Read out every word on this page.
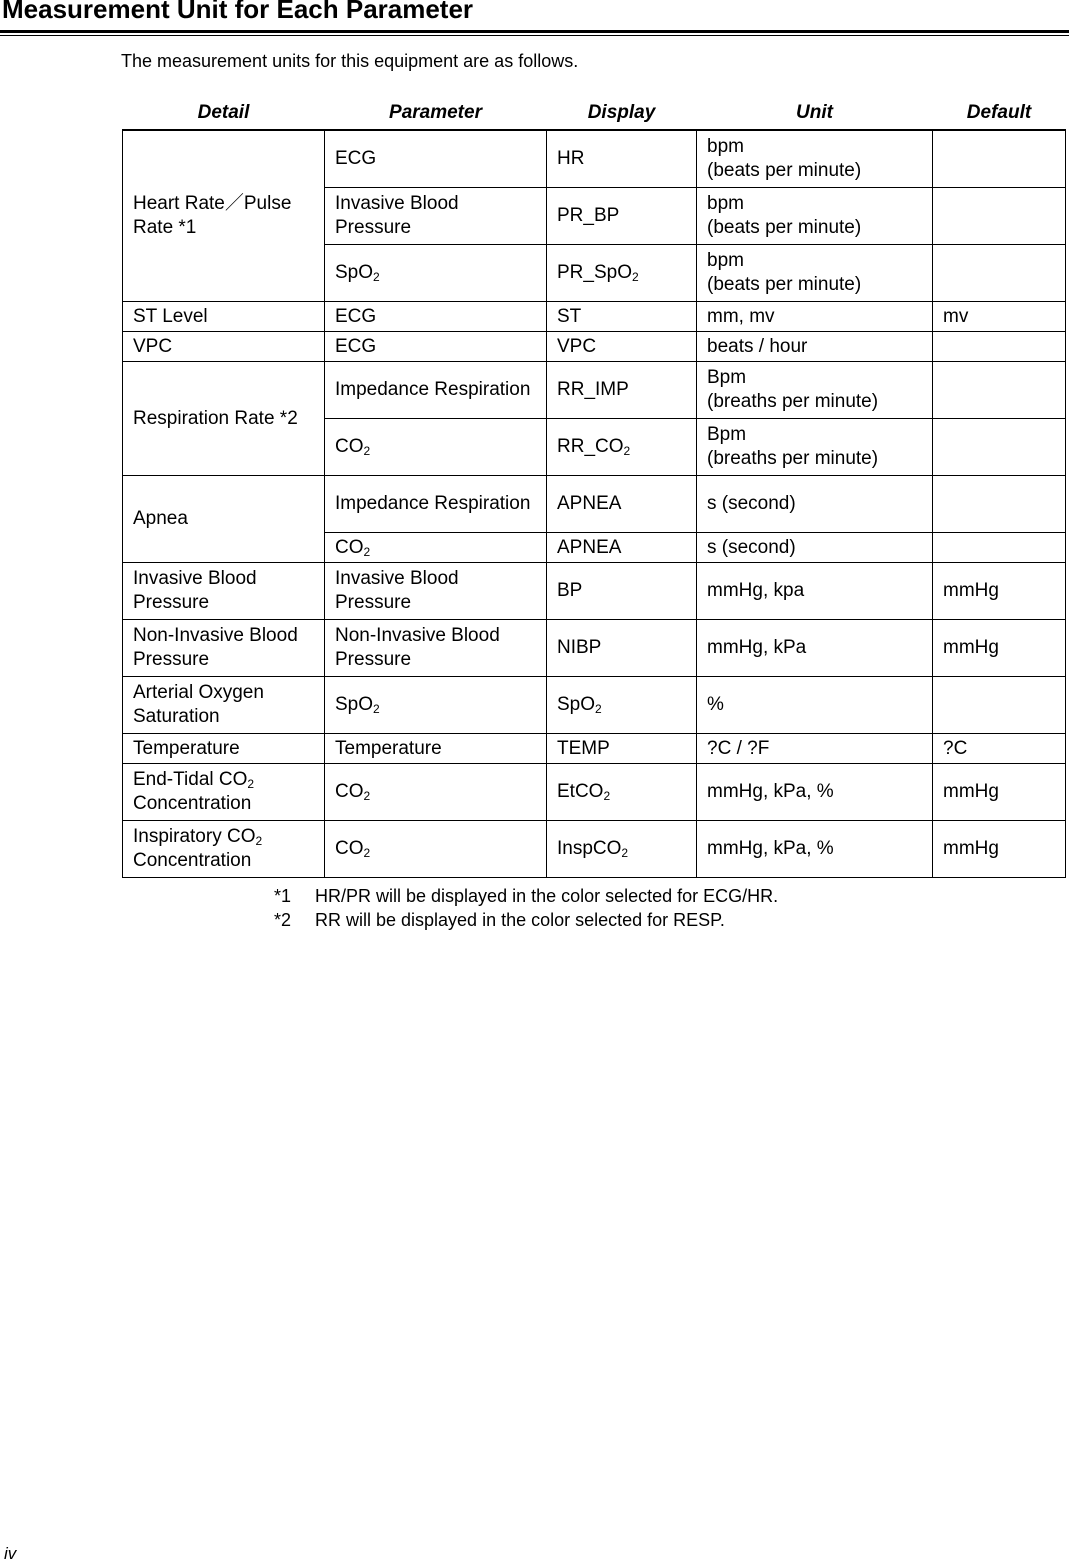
Measurement Unit for Each Parameter
The measurement units for this equipment are as follows.
Detail	Parameter	Display	Unit	Default
Heart Rate／Pulse Rate *1	ECG	HR	bpm
(beats per minute)	

	Invasive Blood Pressure	PR_BP	bpm
(beats per minute)	

	SpO$_2$	PR_SpO$_2$	bpm
(beats per minute)	

ST Level	ECG	ST	mm, mv	mv
VPC	ECG	VPC	beats / hour	
Respiration Rate *2	Impedance Respiration	RR_IMP	Bpm
(breaths per minute)	

	$CO_2$	$RR\_CO_2$	Bpm
(breaths per minute)	

Apnea	Impedance Respiration	APNEA	s (second)	
	$CO_2$	APNEA	s (second)	
Invasive Blood Pressure	Invasive Blood Pressure	BP	mmHg, kpa	mmHg
Non-Invasive Blood Pressure	Non-Invasive Blood Pressure	NIBP	mmHg, kPa	mmHg
Arterial Oxygen Saturation	SpO$_2$	SpO$_2$	%	
Temperature	Temperature	TEMP	?C / ?F	?C
End-Tidal $CO_2$
Concentration	$CO_2$	EtCO$_2$	mmHg, kPa, %	mmHg
Inspiratory $CO_2$
Concentration	$CO_2$	InspCO$_2$	mmHg, kPa, %	mmHg
*1 HR/PR will be displayed in the color selected for ECG/HR.
*2 RR will be displayed in the color selected for RESP.
iv
